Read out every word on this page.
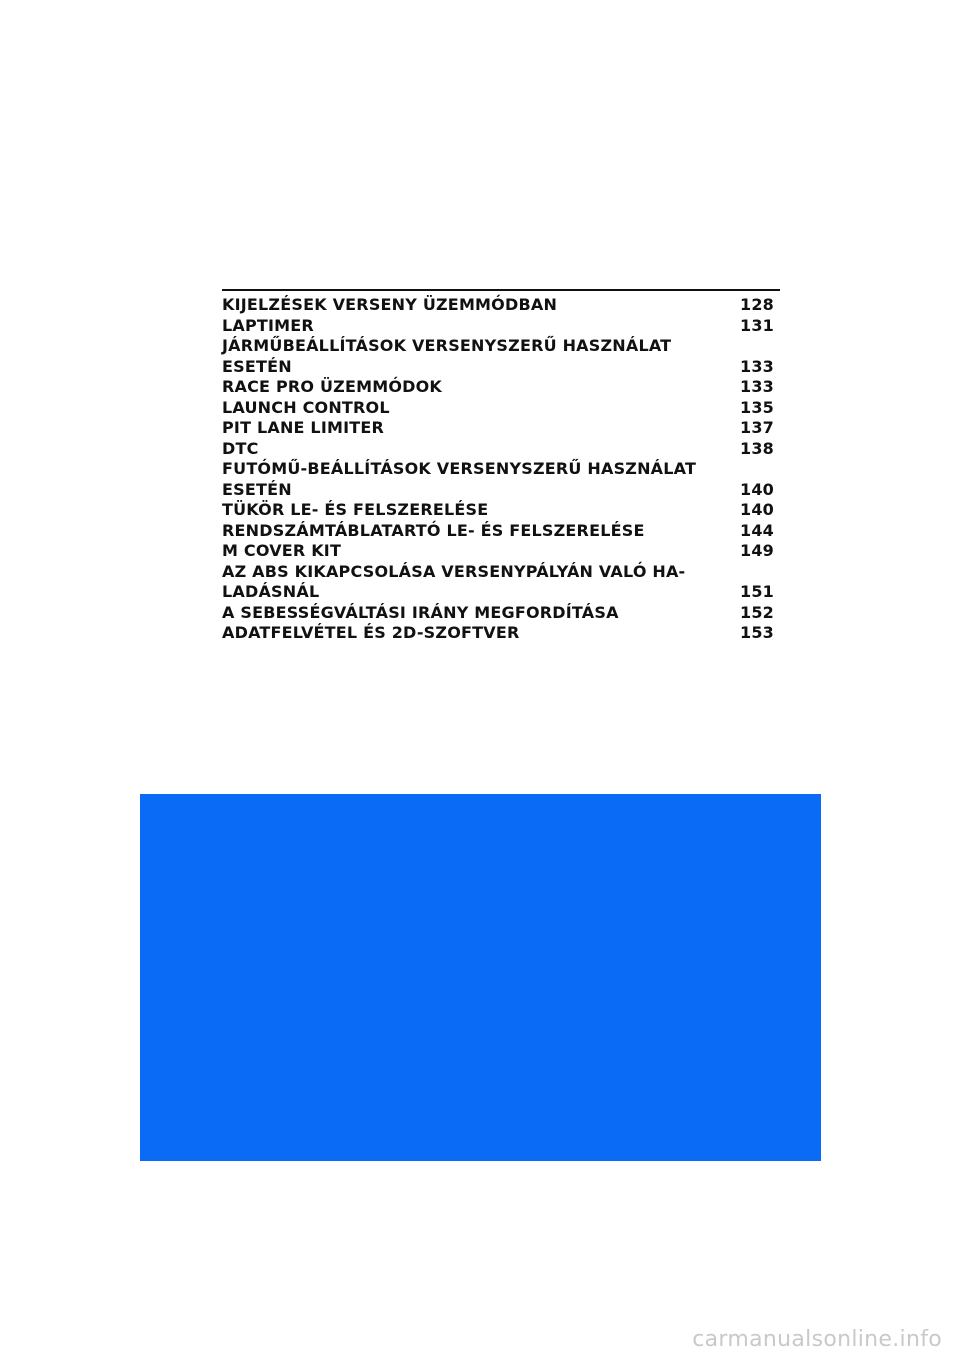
KIJELZÉSEK VERSENY ÜZEMMÓDBAN	128
LAPTIMER	131
JÁRMŰBEÁLLÍTÁSOK VERSENYSZERŰ HASZNÁLAT
ESETÉN	133
RACE PRO ÜZEMMÓDOK	133
LAUNCH CONTROL	135
PIT LANE LIMITER	137
DTC	138
FUTÓMŰ-BEÁLLÍTÁSOK VERSENYSZERŰ HASZNÁLAT
ESETÉN	140
TÜKÖR LE- ÉS FELSZERELÉSE	140
RENDSZÁMTÁBLATARTÓ LE- ÉS FELSZERELÉSE	144
M COVER KIT	149
AZ ABS KIKAPCSOLÁSA VERSENYPÁLYÁN VALÓ HA-
LADÁSNÁL	151
A SEBESSÉGVÁLTÁSI IRÁNY MEGFORDÍTÁSA	152
ADATFELVÉTEL ÉS 2D-SZOFTVER	153
carmanualsonline.info
